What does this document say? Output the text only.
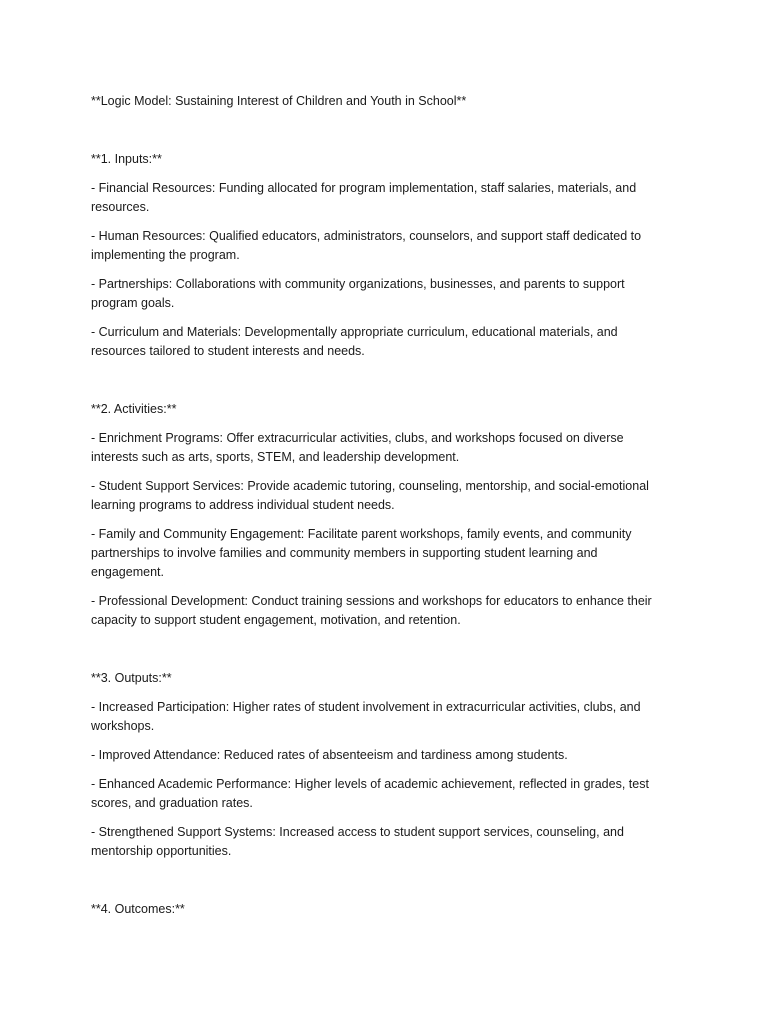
**Logic Model: Sustaining Interest of Children and Youth in School**
**1. Inputs:**
- Financial Resources: Funding allocated for program implementation, staff salaries, materials, and resources.
- Human Resources: Qualified educators, administrators, counselors, and support staff dedicated to implementing the program.
- Partnerships: Collaborations with community organizations, businesses, and parents to support program goals.
- Curriculum and Materials: Developmentally appropriate curriculum, educational materials, and resources tailored to student interests and needs.
**2. Activities:**
- Enrichment Programs: Offer extracurricular activities, clubs, and workshops focused on diverse interests such as arts, sports, STEM, and leadership development.
- Student Support Services: Provide academic tutoring, counseling, mentorship, and social-emotional learning programs to address individual student needs.
- Family and Community Engagement: Facilitate parent workshops, family events, and community partnerships to involve families and community members in supporting student learning and engagement.
- Professional Development: Conduct training sessions and workshops for educators to enhance their capacity to support student engagement, motivation, and retention.
**3. Outputs:**
- Increased Participation: Higher rates of student involvement in extracurricular activities, clubs, and workshops.
- Improved Attendance: Reduced rates of absenteeism and tardiness among students.
- Enhanced Academic Performance: Higher levels of academic achievement, reflected in grades, test scores, and graduation rates.
- Strengthened Support Systems: Increased access to student support services, counseling, and mentorship opportunities.
**4. Outcomes:**
